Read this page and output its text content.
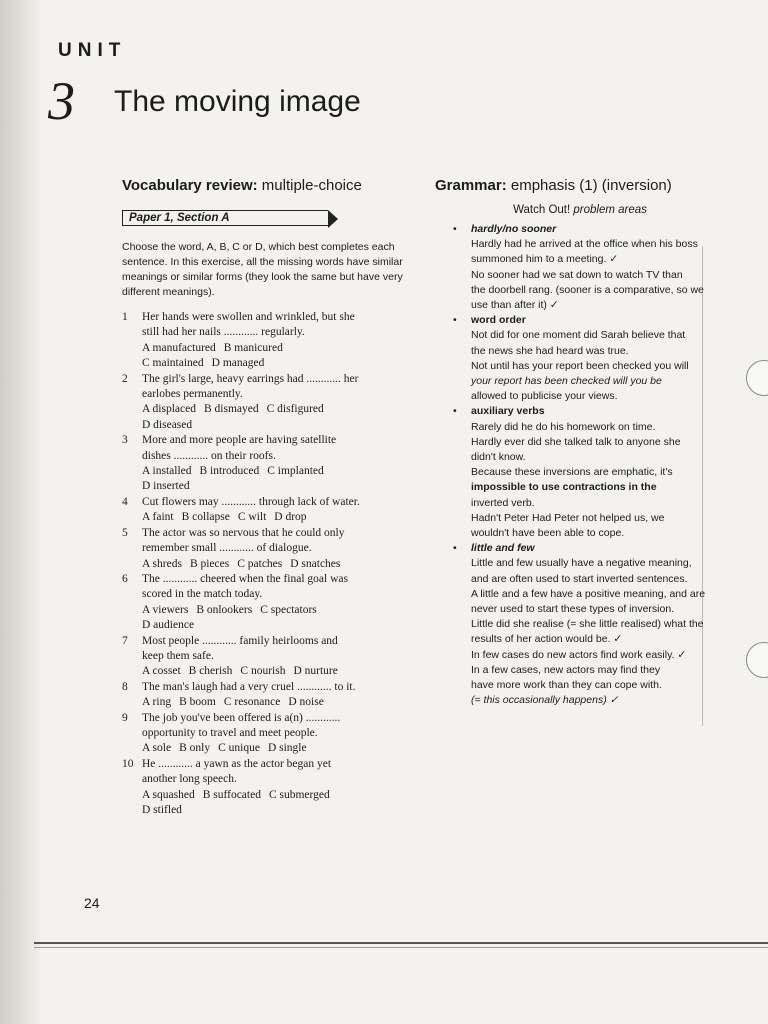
UNIT
3 The moving image
Vocabulary review: multiple-choice
Paper 1, Section A
Choose the word, A, B, C or D, which best completes each sentence. In this exercise, all the missing words have similar meanings or similar forms (they look the same but have very different meanings).
1	Her hands were swollen and wrinkled, but she
still had her nails ............ regularly.
A manufactured B manicured
C maintained D managed
2	The girl's large, heavy earrings had ............ her
earlobes permanently.
A displaced B dismayed C disfigured
D diseased
3	More and more people are having satellite
dishes ............ on their roofs.
A installed B introduced C implanted
D inserted
4	Cut flowers may ............ through lack of water.
A faint B collapse C wilt D drop
5	The actor was so nervous that he could only
remember small ............ of dialogue.
A shreds B pieces C patches D snatches
6	The ............ cheered when the final goal was
scored in the match today.
A viewers B onlookers C spectators
D audience
7	Most people ............ family heirlooms and
keep them safe.
A cosset B cherish C nourish D nurture
8	The man's laugh had a very cruel ............ to it.
A ring B boom C resonance D noise
9	The job you've been offered is a(n) ............
opportunity to travel and meet people.
A sole B only C unique D single
10 He ............ a yawn as the actor began yet
another long speech.
A squashed B suffocated C submerged
D stifled
Grammar: emphasis (1) (inversion)
Watch Out! problem areas
• hardly/no sooner
Hardly had he arrived at the office when his boss
summoned him to a meeting. ✓
No sooner had we sat down to watch TV than
the doorbell rang. (sooner is a comparative, so we
use than after it) ✓
• word order
Not did for one moment did Sarah believe that
the news she had heard was true.
Not until has your report been checked you will
your report has been checked will you be
allowed to publicise your views.
• auxiliary verbs
Rarely did he do his homework on time.
Hardly ever did she talked talk to anyone she
didn't know.
Because these inversions are emphatic, it's
impossible to use contractions in the
inverted verb.
Hadn't Peter Had Peter not helped us, we
wouldn't have been able to cope.
• little and few
Little and few usually have a negative meaning,
and are often used to start inverted sentences.
A little and a few have a positive meaning, and are
never used to start these types of inversion.
Little did she realise (= she little realised) what the
results of her action would be. ✓
In few cases do new actors find work easily. ✓
In a few cases, new actors may find they
have more work than they can cope with.
(= this occasionally happens) ✓
24
